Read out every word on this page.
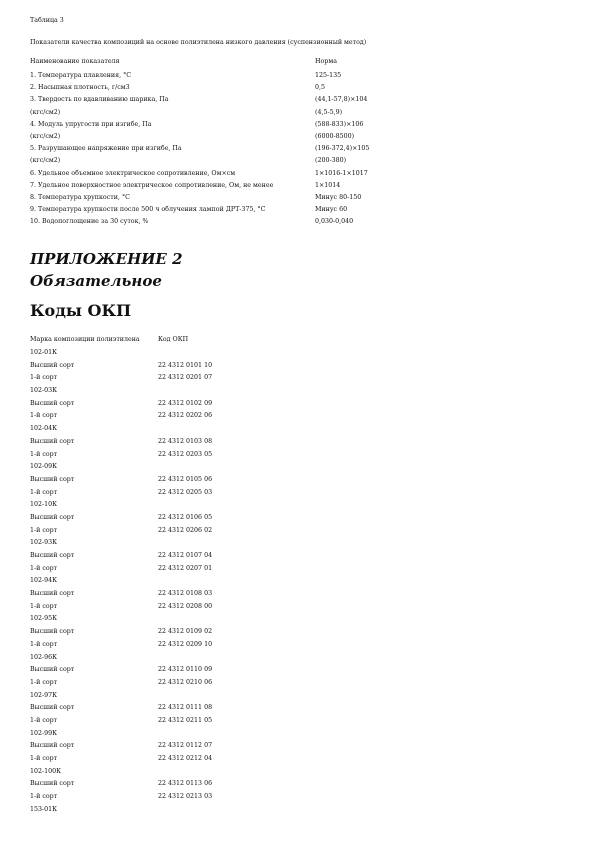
Таблица 3
Показатели качества композиций на основе полиэтилена низкого давления (суспензионный метод)
Наименование показателя	Норма
1. Температура плавления, °С	125-135
2. Насыпная плотность, г/см3	0,5
3. Твердость по вдавливанию шарика, Па	(44,1-57,8)×104
(кгс/см2)	(4,5-5,9)
4. Модуль упругости при изгибе, Па	(588-833)×106
(кгс/см2)	(6000-8500)
5. Разрушающее напряжение при изгибе, Па	(196-372,4)×105
(кгс/см2)	(200-380)
6. Удельное объемное электрическое сопротивление, Ом×см	1×1016-1×1017
7. Удельное поверхностное электрическое сопротивление, Ом, не менее	1×1014
8. Температура хрупкости, °С	Минус 80-150
9. Температура хрупкости после 500 ч облучения лампой ДРТ-375, °С	Минус 60
10. Водопоглощение за 30 суток, %	0,030-0,040
ПРИЛОЖЕНИЕ 2
Обязательное
Коды ОКП
Марка композиции полиэтилена	Код ОКП
102-01К
Высший сорт	22 4312 0101 10
1-й сорт	22 4312 0201 07
102-03К
Высший сорт	22 4312 0102 09
1-й сорт	22 4312 0202 06
102-04К
Высший сорт	22 4312 0103 08
1-й сорт	22 4312 0203 05
102-09К
Высший сорт	22 4312 0105 06
1-й сорт	22 4312 0205 03
102-10К
Высший сорт	22 4312 0106 05
1-й сорт	22 4312 0206 02
102-93К
Высший сорт	22 4312 0107 04
1-й сорт	22 4312 0207 01
102-94К
Высший сорт	22 4312 0108 03
1-й сорт	22 4312 0208 00
102-95К
Высший сорт	22 4312 0109 02
1-й сорт	22 4312 0209 10
102-96К
Высший сорт	22 4312 0110 09
1-й сорт	22 4312 0210 06
102-97К
Высший сорт	22 4312 0111 08
1-й сорт	22 4312 0211 05
102-99К
Высший сорт	22 4312 0112 07
1-й сорт	22 4312 0212 04
102-100К
Высший сорт	22 4312 0113 06
1-й сорт	22 4312 0213 03
153-01К
